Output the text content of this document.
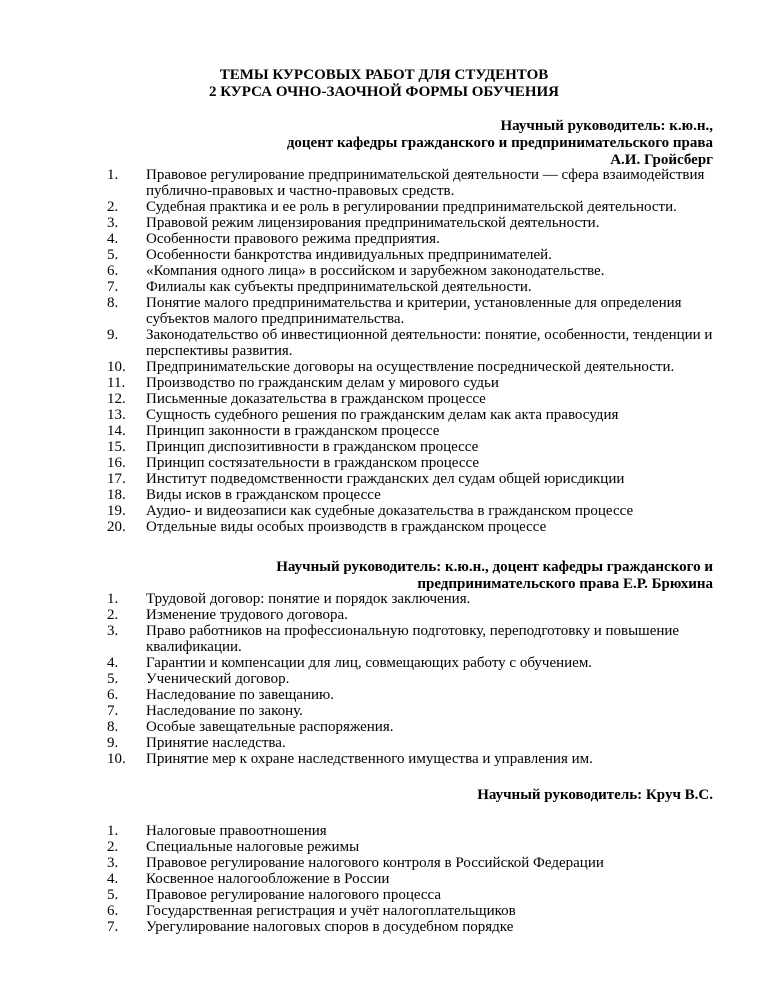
ТЕМЫ КУРСОВЫХ РАБОТ ДЛЯ СТУДЕНТОВ
2 КУРСА ОЧНО-ЗАОЧНОЙ ФОРМЫ ОБУЧЕНИЯ
Научный руководитель: к.ю.н.,
доцент кафедры гражданского и предпринимательского права
А.И. Гройсберг
1. Правовое регулирование предпринимательской деятельности — сфера взаимодействия публично-правовых и частно-правовых средств.
2. Судебная практика и ее роль в регулировании предпринимательской деятельности.
3. Правовой режим лицензирования предпринимательской деятельности.
4. Особенности правового режима предприятия.
5. Особенности банкротства индивидуальных предпринимателей.
6. «Компания одного лица» в российском и зарубежном законодательстве.
7. Филиалы как субъекты предпринимательской деятельности.
8. Понятие малого предпринимательства и критерии, установленные для определения субъектов малого предпринимательства.
9. Законодательство об инвестиционной деятельности: понятие, особенности, тенденции и перспективы развития.
10. Предпринимательские договоры на осуществление посреднической деятельности.
11. Производство по гражданским делам у мирового судьи
12. Письменные доказательства в гражданском процессе
13. Сущность судебного решения по гражданским делам как акта правосудия
14. Принцип законности в гражданском процессе
15. Принцип диспозитивности в гражданском процессе
16. Принцип состязательности в гражданском процессе
17. Институт подведомственности гражданских дел судам общей юрисдикции
18. Виды исков в гражданском процессе
19. Аудио- и видеозаписи как судебные доказательства в гражданском процессе
20. Отдельные виды особых производств в гражданском процессе
Научный руководитель: к.ю.н., доцент кафедры гражданского и
предпринимательского права Е.Р. Брюхина
1. Трудовой договор: понятие и порядок заключения.
2. Изменение трудового договора.
3. Право работников на профессиональную подготовку, переподготовку и повышение квалификации.
4. Гарантии и компенсации для лиц, совмещающих работу с обучением.
5. Ученический договор.
6. Наследование по завещанию.
7. Наследование по закону.
8. Особые завещательные распоряжения.
9. Принятие наследства.
10. Принятие мер к охране наследственного имущества и управления им.
Научный руководитель: Круч В.С.
1. Налоговые правоотношения
2. Специальные налоговые режимы
3. Правовое регулирование налогового контроля в Российской Федерации
4. Косвенное налогообложение в России
5. Правовое регулирование налогового процесса
6. Государственная регистрация и учёт налогоплательщиков
7. Урегулирование налоговых споров в досудебном порядке
